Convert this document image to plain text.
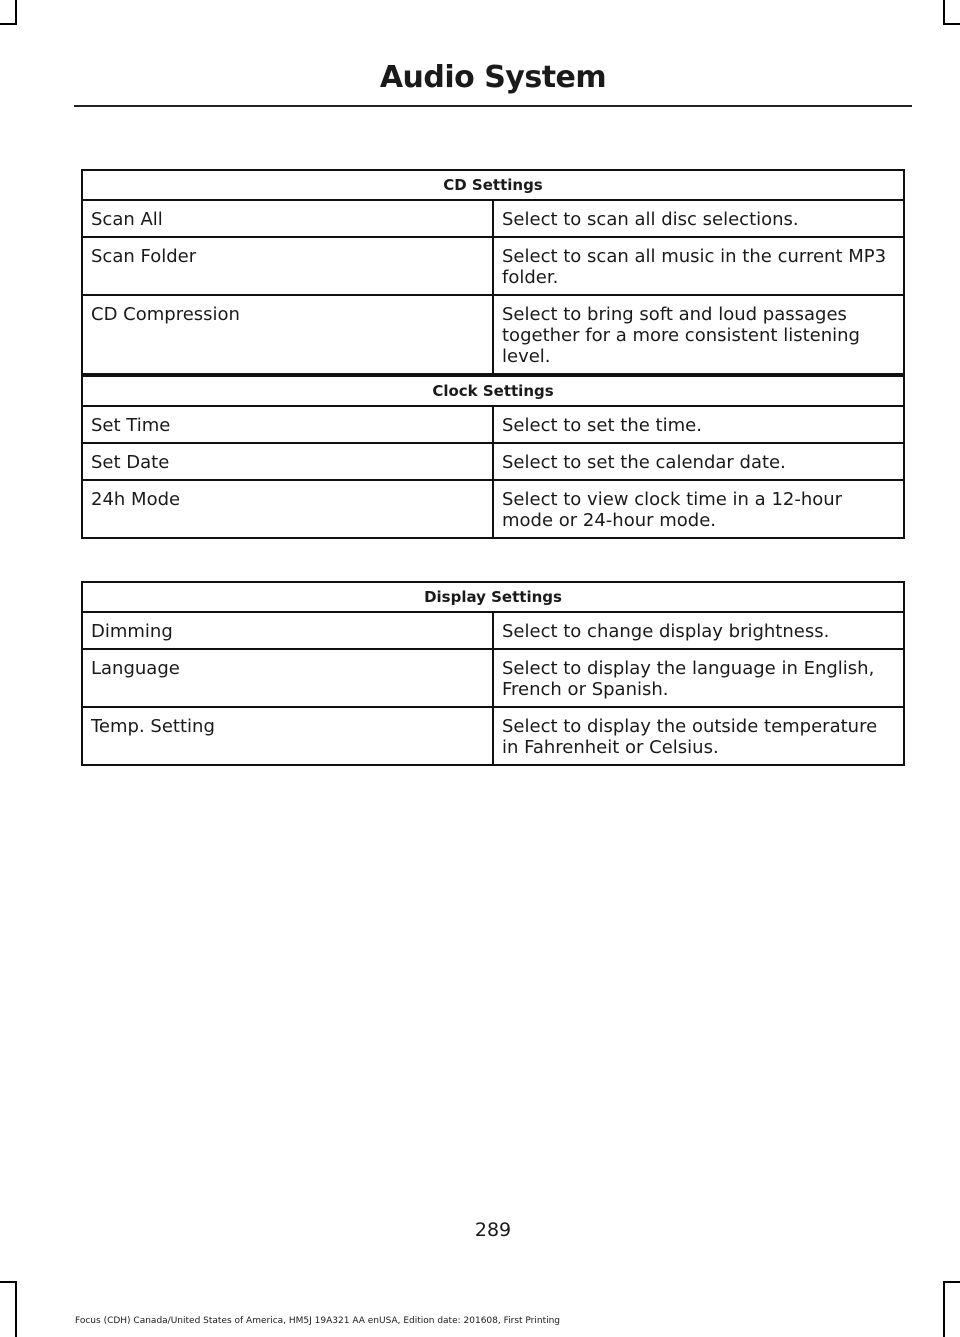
Audio System
CD Settings	
Scan All	Select to scan all disc selections.
Scan Folder	Select to scan all music in the current MP3 folder.
CD Compression	Select to bring soft and loud passages together for a more consistent listening level.
Clock Settings	
Set Time	Select to set the time.
Set Date	Select to set the calendar date.
24h Mode	Select to view clock time in a 12-hour mode or 24-hour mode.
Display Settings	
Dimming	Select to change display brightness.
Language	Select to display the language in English, French or Spanish.
Temp. Setting	Select to display the outside temperature in Fahrenheit or Celsius.
289
Focus (CDH) Canada/United States of America, HM5J 19A321 AA enUSA, Edition date: 201608, First Printing
